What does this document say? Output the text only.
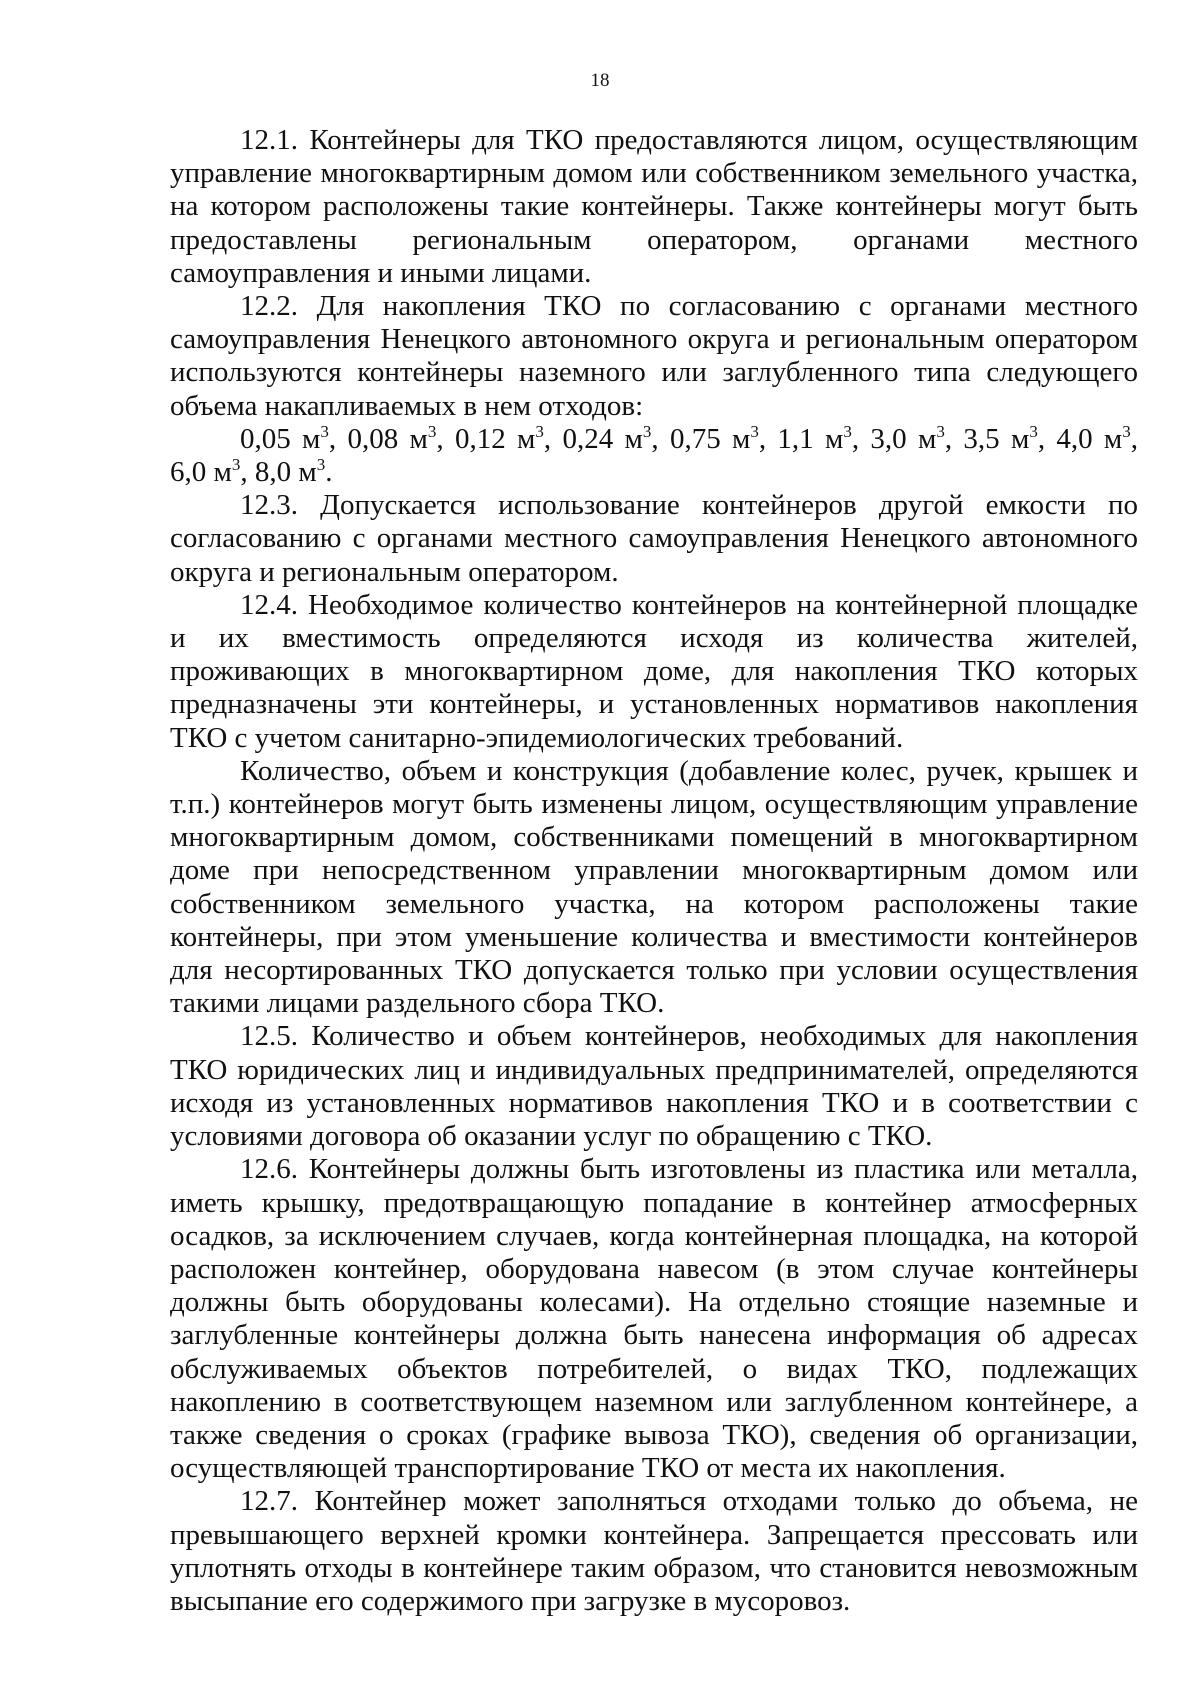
18

12.1. Контейнеры для ТКО предоставляются лицом, осуществляющим управление многоквартирным домом или собственником земельного участка, на котором расположены такие контейнеры. Также контейнеры могут быть предоставлены региональным оператором, органами местного самоуправления и иными лицами.

12.2. Для накопления ТКО по согласованию с органами местного самоуправления Ненецкого автономного округа и региональным оператором используются контейнеры наземного или заглубленного типа следующего объема накапливаемых в нем отходов:

0,05 $м^3$, 0,08 $м^3$, 0,12 $м^3$, 0,24 $м^3$, 0,75 $м^3$, 1,1 $м^3$, 3,0 $м^3$, 3,5 $м^3$, 4,0 $м^3$, 6,0 $м^3$, 8,0 $м^3$.

12.3. Допускается использование контейнеров другой емкости по согласованию с органами местного самоуправления Ненецкого автономного округа и региональным оператором.

12.4. Необходимое количество контейнеров на контейнерной площадке и их вместимость определяются исходя из количества жителей, проживающих в многоквартирном доме, для накопления ТКО которых предназначены эти контейнеры, и установленных нормативов накопления ТКО с учетом санитарно-эпидемиологических требований.

Количество, объем и конструкция (добавление колес, ручек, крышек и т.п.) контейнеров могут быть изменены лицом, осуществляющим управление многоквартирным домом, собственниками помещений в многоквартирном доме при непосредственном управлении многоквартирным домом или собственником земельного участка, на котором расположены такие контейнеры, при этом уменьшение количества и вместимости контейнеров для несортированных ТКО допускается только при условии осуществления такими лицами раздельного сбора ТКО.

12.5. Количество и объем контейнеров, необходимых для накопления ТКО юридических лиц и индивидуальных предпринимателей, определяются исходя из установленных нормативов накопления ТКО и в соответствии с условиями договора об оказании услуг по обращению с ТКО.

12.6. Контейнеры должны быть изготовлены из пластика или металла, иметь крышку, предотвращающую попадание в контейнер атмосферных осадков, за исключением случаев, когда контейнерная площадка, на которой расположен контейнер, оборудована навесом (в этом случае контейнеры должны быть оборудованы колесами). На отдельно стоящие наземные и заглубленные контейнеры должна быть нанесена информация об адресах обслуживаемых объектов потребителей, о видах ТКО, подлежащих накоплению в соответствующем наземном или заглубленном контейнере, а также сведения о сроках (графике вывоза ТКО), сведения об организации, осуществляющей транспортирование ТКО от места их накопления.

12.7. Контейнер может заполняться отходами только до объема, не превышающего верхней кромки контейнера. Запрещается прессовать или уплотнять отходы в контейнере таким образом, что становится невозможным высыпание его содержимого при загрузке в мусоровоз.
